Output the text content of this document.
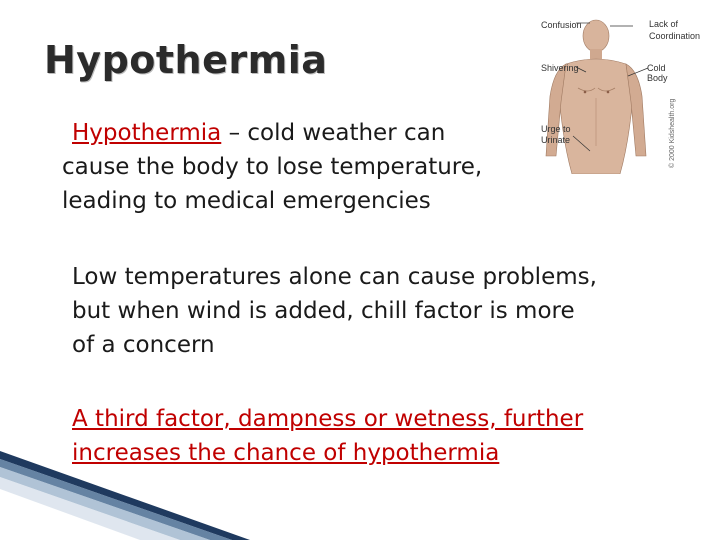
Hypothermia
Confusion	Lack of
Coordination
Shivering	Cold Body
Urge to
Urinate	© 2000 Kidshealth.org
Hypothermia – cold weather can
cause the body to lose temperature,
leading to medical emergencies
Low temperatures alone can cause problems,
but when wind is added, chill factor is more
of a concern
A third factor, dampness or wetness, further
increases the chance of hypothermia
